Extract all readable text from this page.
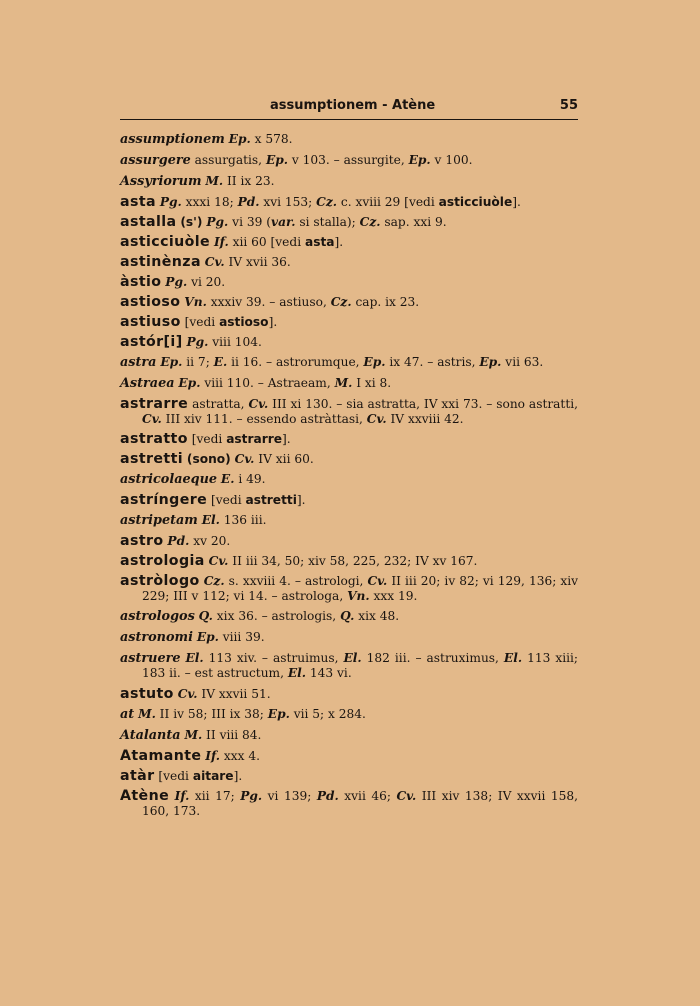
assumptionem - Atène	55
assumptionem Ep. x 578.
assurgere assurgatis, Ep. v 103. – assurgite, Ep. v 100.
Assyriorum M. II ix 23.
asta Pg. xxxi 18; Pd. xvi 153; Cz. c. xviii 29 [vedi asticciuòle].
astalla (s') Pg. vi 39 (var. si stalla); Cz. sap. xxi 9.
asticciuòle If. xii 60 [vedi asta].
astinènza Cv. IV xvii 36.
àstio Pg. vi 20.
astioso Vn. xxxiv 39. – astiuso, Cz. cap. ix 23.
astiuso [vedi astioso].
astór[i] Pg. viii 104.
astra Ep. ii 7; E. ii 16. – astrorumque, Ep. ix 47. – astris, Ep. vii 63.
Astraea Ep. viii 110. – Astraeam, M. I xi 8.
astrarre astratta, Cv. III xi 130. – sia astratta, IV xxi 73. – sono astratti, Cv. III xiv 111. – essendo astràttasi, Cv. IV xxviii 42.
astratto [vedi astrarre].
astretti (sono) Cv. IV xii 60.
astricolaeque E. i 49.
astríngere [vedi astretti].
astripetam El. 136 iii.
astro Pd. xv 20.
astrologia Cv. II iii 34, 50; xiv 58, 225, 232; IV xv 167.
astròlogo Cz. s. xxviii 4. – astrologi, Cv. II iii 20; iv 82; vi 129, 136; xiv 229; III v 112; vi 14. – astrologa, Vn. xxx 19.
astrologos Q. xix 36. – astrologis, Q. xix 48.
astronomi Ep. viii 39.
astruere El. 113 xiv. – astruimus, El. 182 iii. – astruximus, El. 113 xiii; 183 ii. – est astructum, El. 143 vi.
astuto Cv. IV xxvii 51.
at M. II iv 58; III ix 38; Ep. vii 5; x 284.
Atalanta M. II viii 84.
Atamante If. xxx 4.
atàr [vedi aitare].
Atène If. xii 17; Pg. vi 139; Pd. xvii 46; Cv. III xiv 138; IV xxvii 158, 160, 173.
